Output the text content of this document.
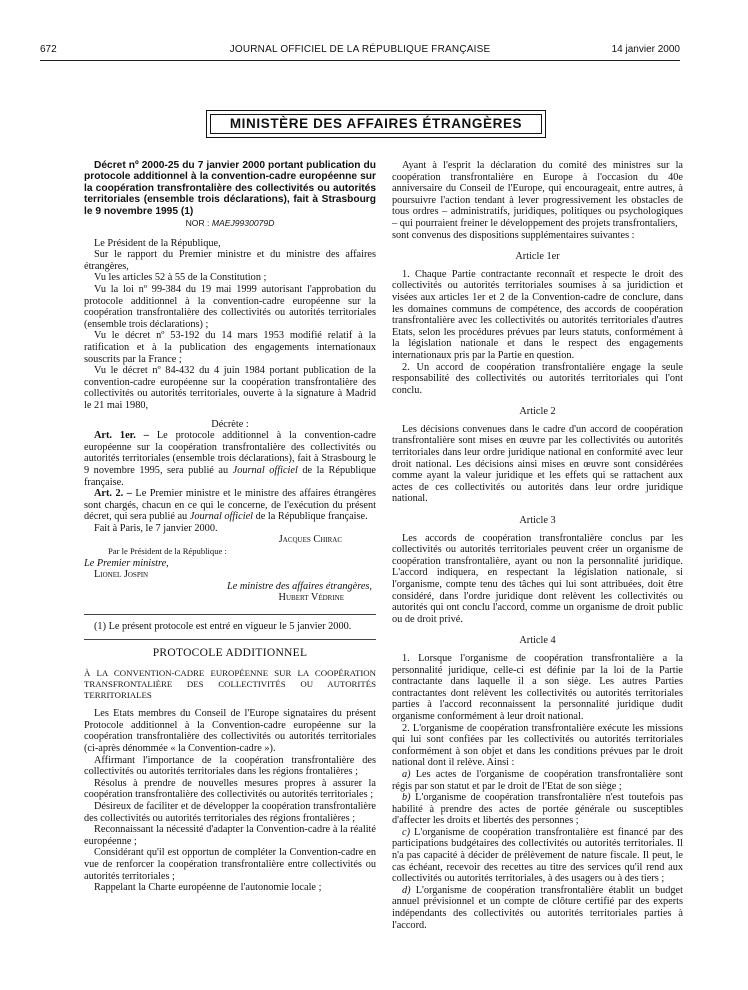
672	JOURNAL OFFICIEL DE LA RÉPUBLIQUE FRANÇAISE	14 janvier 2000
MINISTÈRE DES AFFAIRES ÉTRANGÈRES

Décret nº 2000-25 du 7 janvier 2000 portant publication du protocole additionnel à la convention-cadre européenne sur la coopération transfrontalière des collectivités ou autorités territoriales (ensemble trois déclarations), fait à Strasbourg le 9 novembre 1995 (1)

NOR : MAEJ9930079D

Le Président de la République,

Sur le rapport du Premier ministre et du ministre des affaires étrangères,

Vu les articles 52 à 55 de la Constitution ;

Vu la loi nº 99-384 du 19 mai 1999 autorisant l'approbation du protocole additionnel à la convention-cadre européenne sur la coopération transfrontalière des collectivités ou autorités territoriales (ensemble trois déclarations) ;

Vu le décret nº 53-192 du 14 mars 1953 modifié relatif à la ratification et à la publication des engagements internationaux souscrits par la France ;

Vu le décret nº 84-432 du 4 juin 1984 portant publication de la convention-cadre européenne sur la coopération transfrontalière des collectivités ou autorités territoriales, ouverte à la signature à Madrid le 21 mai 1980,

Décrète :

Art. 1er. – Le protocole additionnel à la convention-cadre européenne sur la coopération transfrontalière des collectivités ou autorités territoriales (ensemble trois déclarations), fait à Strasbourg le 9 novembre 1995, sera publié au Journal officiel de la République française.

Art. 2. – Le Premier ministre et le ministre des affaires étrangères sont chargés, chacun en ce qui le concerne, de l'exécution du présent décret, qui sera publié au Journal officiel de la République française.

Fait à Paris, le 7 janvier 2000.

Jacques Chirac

Par le Président de la République :

Le Premier ministre,

Lionel Jospin

Le ministre des affaires étrangères,

Hubert Védrine

(1) Le présent protocole est entré en vigueur le 5 janvier 2000.

PROTOCOLE ADDITIONNEL

À LA CONVENTION-CADRE EUROPÉENNE SUR LA COOPÉRATION TRANSFRONTALIÈRE DES COLLECTIVITÉS OU AUTORITÉS TERRITORIALES

Les Etats membres du Conseil de l'Europe signataires du présent Protocole additionnel à la Convention-cadre européenne sur la coopération transfrontalière des collectivités ou autorités territoriales (ci-après dénommée « la Convention-cadre »).

Affirmant l'importance de la coopération transfrontalière des collectivités ou autorités territoriales dans les régions frontalières ;

Résolus à prendre de nouvelles mesures propres à assurer la coopération transfrontalière des collectivités ou autorités territoriales ;

Désireux de faciliter et de développer la coopération transfrontalière des collectivités ou autorités territoriales des régions frontalières ;

Reconnaissant la nécessité d'adapter la Convention-cadre à la réalité européenne ;

Considérant qu'il est opportun de compléter la Convention-cadre en vue de renforcer la coopération transfrontalière entre collectivités ou autorités territoriales ;

Rappelant la Charte européenne de l'autonomie locale ;

Ayant à l'esprit la déclaration du comité des ministres sur la coopération transfrontalière en Europe à l'occasion du 40e anniversaire du Conseil de l'Europe, qui encourageait, entre autres, à poursuivre l'action tendant à lever progressivement les obstacles de tous ordres – administratifs, juridiques, politiques ou psychologiques – qui pourraient freiner le développement des projets transfrontaliers,

sont convenus des dispositions supplémentaires suivantes :

Article 1er

1. Chaque Partie contractante reconnaît et respecte le droit des collectivités ou autorités territoriales soumises à sa juridiction et visées aux articles 1er et 2 de la Convention-cadre de conclure, dans les domaines communs de compétence, des accords de coopération transfrontalière avec les collectivités ou autorités territoriales d'autres Etats, selon les procédures prévues par leurs statuts, conformément à la législation nationale et dans le respect des engagements internationaux pris par la Partie en question.

2. Un accord de coopération transfrontalière engage la seule responsabilité des collectivités ou autorités territoriales qui l'ont conclu.

Article 2

Les décisions convenues dans le cadre d'un accord de coopération transfrontalière sont mises en œuvre par les collectivités ou autorités territoriales dans leur ordre juridique national en conformité avec leur droit national. Les décisions ainsi mises en œuvre sont considérées comme ayant la valeur juridique et les effets qui se rattachent aux actes de ces collectivités ou autorités dans leur ordre juridique national.

Article 3

Les accords de coopération transfrontalière conclus par les collectivités ou autorités territoriales peuvent créer un organisme de coopération transfrontalière, ayant ou non la personnalité juridique. L'accord indiquera, en respectant la législation nationale, si l'organisme, compte tenu des tâches qui lui sont attribuées, doit être considéré, dans l'ordre juridique dont relèvent les collectivités ou autorités qui ont conclu l'accord, comme un organisme de droit public ou de droit privé.

Article 4

1. Lorsque l'organisme de coopération transfrontalière a la personnalité juridique, celle-ci est définie par la loi de la Partie contractante dans laquelle il a son siège. Les autres Parties contractantes dont relèvent les collectivités ou autorités territoriales parties à l'accord reconnaissent la personnalité juridique dudit organisme conformément à leur droit national.

2. L'organisme de coopération transfrontalière exécute les missions qui lui sont confiées par les collectivités ou autorités territoriales conformément à son objet et dans les conditions prévues par le droit national dont il relève. Ainsi :

a) Les actes de l'organisme de coopération transfrontalière sont régis par son statut et par le droit de l'Etat de son siège ;

b) L'organisme de coopération transfrontalière n'est toutefois pas habilité à prendre des actes de portée générale ou susceptibles d'affecter les droits et libertés des personnes ;

c) L'organisme de coopération transfrontalière est financé par des participations budgétaires des collectivités ou autorités territoriales. Il n'a pas capacité à décider de prélèvement de nature fiscale. Il peut, le cas échéant, recevoir des recettes au titre des services qu'il rend aux collectivités ou autorités territoriales, à des usagers ou à des tiers ;

d) L'organisme de coopération transfrontalière établit un budget annuel prévisionnel et un compte de clôture certifié par des experts indépendants des collectivités ou autorités territoriales parties à l'accord.
